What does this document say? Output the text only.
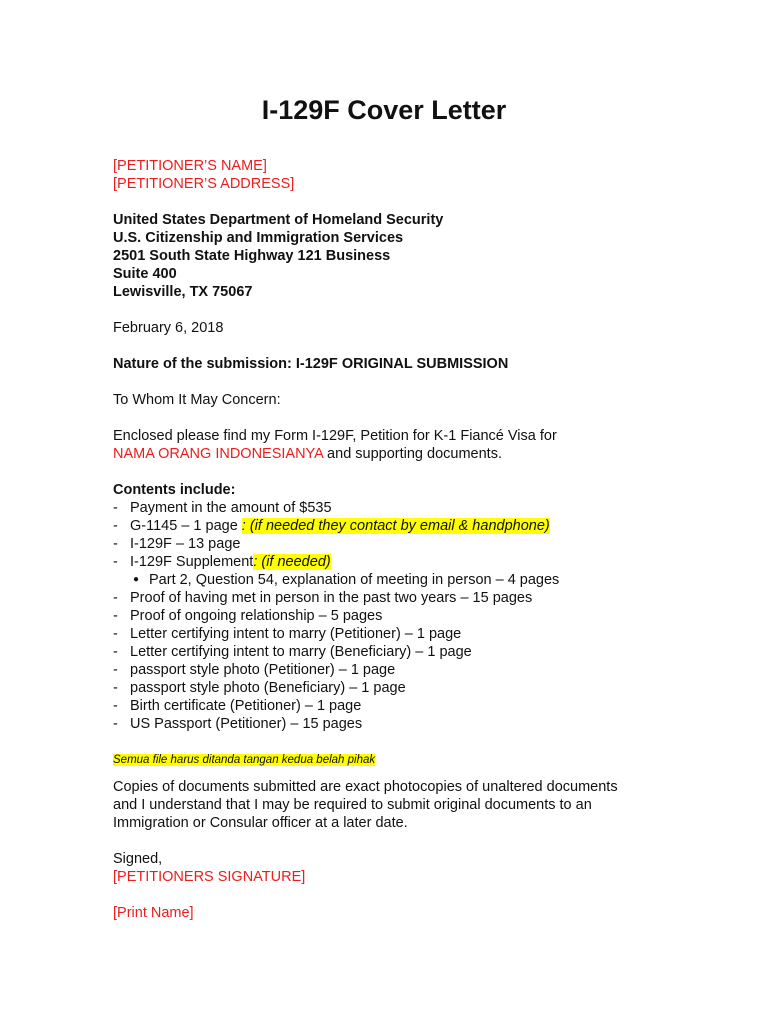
I-129F Cover Letter
[PETITIONER’S NAME]
[PETITIONER’S ADDRESS]
United States Department of Homeland Security
U.S. Citizenship and Immigration Services
2501 South State Highway 121 Business
Suite 400
Lewisville, TX 75067
February 6, 2018
Nature of the submission: I-129F ORIGINAL SUBMISSION
To Whom It May Concern:

Enclosed please find my Form I-129F, Petition for K-1 Fiancé Visa for
NAMA ORANG INDONESIANYA and supporting documents.

Contents include:
- Payment in the amount of $535
- G-1145 – 1 page : (if needed they contact by email & handphone)
- I-129F – 13 page
- I-129F Supplement: (if needed)
● Part 2, Question 54, explanation of meeting in person – 4 pages
- Proof of having met in person in the past two years – 15 pages
- Proof of ongoing relationship – 5 pages
- Letter certifying intent to marry (Petitioner) – 1 page
- Letter certifying intent to marry (Beneficiary) – 1 page
- passport style photo (Petitioner) – 1 page
- passport style photo (Beneficiary) – 1 page
- Birth certificate (Petitioner) – 1 page
- US Passport (Petitioner) – 15 pages
Semua file harus ditanda tangan kedua belah pihak

Copies of documents submitted are exact photocopies of unaltered documents
and I understand that I may be required to submit original documents to an
Immigration or Consular officer at a later date.

Signed,
[PETITIONERS SIGNATURE]
[Print Name]
